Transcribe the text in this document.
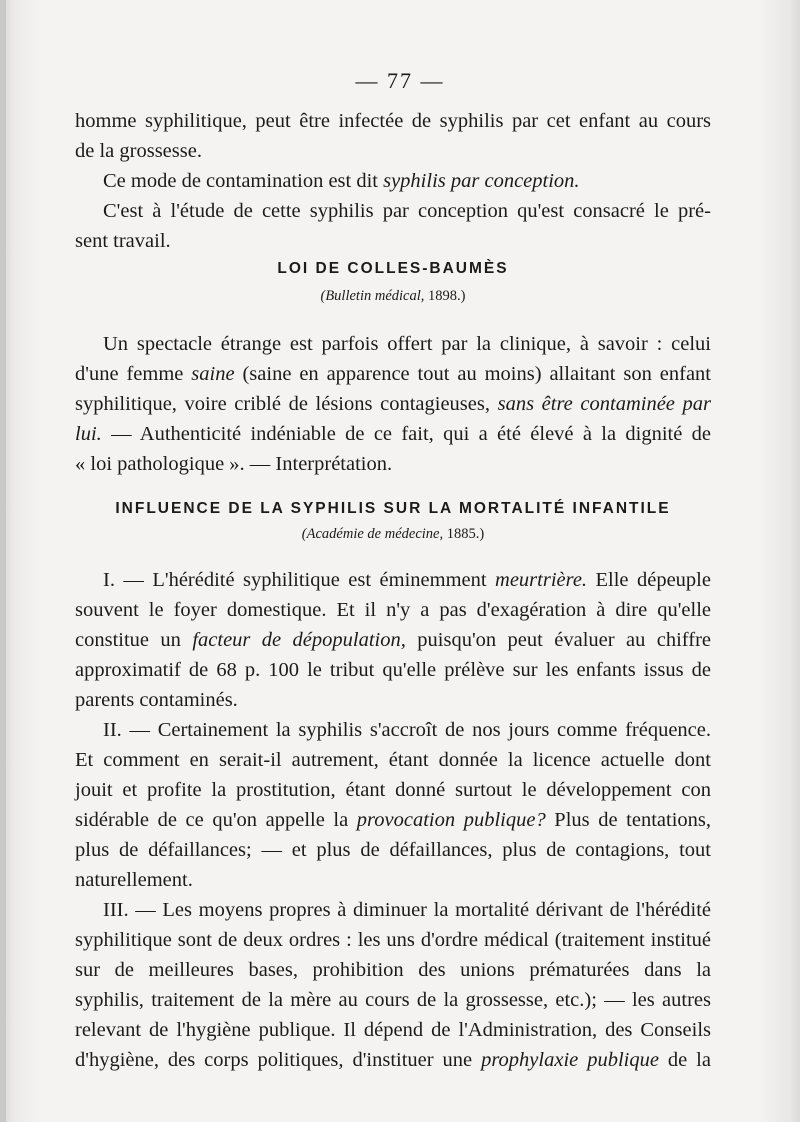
— 77 —
homme syphilitique, peut être infectée de syphilis par cet enfant au cours
de la grossesse.
Ce mode de contamination est dit syphilis par conception.
C'est à l'étude de cette syphilis par conception qu'est consacré le pré-
sent travail.
LOI DE COLLES-BAUMÈS
(Bulletin médical, 1898.)
Un spectacle étrange est parfois offert par la clinique, à savoir : celui
d'une femme saine (saine en apparence tout au moins) allaitant son enfant
syphilitique, voire criblé de lésions contagieuses, sans être contaminée par
lui. — Authenticité indéniable de ce fait, qui a été élevé à la dignité de
« loi pathologique ». — Interprétation.
INFLUENCE DE LA SYPHILIS SUR LA MORTALITÉ INFANTILE
(Académie de médecine, 1885.)
I. — L'hérédité syphilitique est éminemment meurtrière. Elle dépeuple
souvent le foyer domestique. Et il n'y a pas d'exagération à dire qu'elle
constitue un facteur de dépopulation, puisqu'on peut évaluer au chiffre
approximatif de 68 p. 100 le tribut qu'elle prélève sur les enfants issus de
parents contaminés.
II. — Certainement la syphilis s'accroît de nos jours comme fréquence.
Et comment en serait-il autrement, étant donnée la licence actuelle dont
jouit et profite la prostitution, étant donné surtout le développement con
sidérable de ce qu'on appelle la provocation publique? Plus de tentations,
plus de défaillances; — et plus de défaillances, plus de contagions, tout
naturellement.
III. — Les moyens propres à diminuer la mortalité dérivant de l'hérédité
syphilitique sont de deux ordres : les uns d'ordre médical (traitement institué
sur de meilleures bases, prohibition des unions prématurées dans la
syphilis, traitement de la mère au cours de la grossesse, etc.); — les autres
relevant de l'hygiène publique. Il dépend de l'Administration, des Conseils
d'hygiène, des corps politiques, d'instituer une prophylaxie publique de la
